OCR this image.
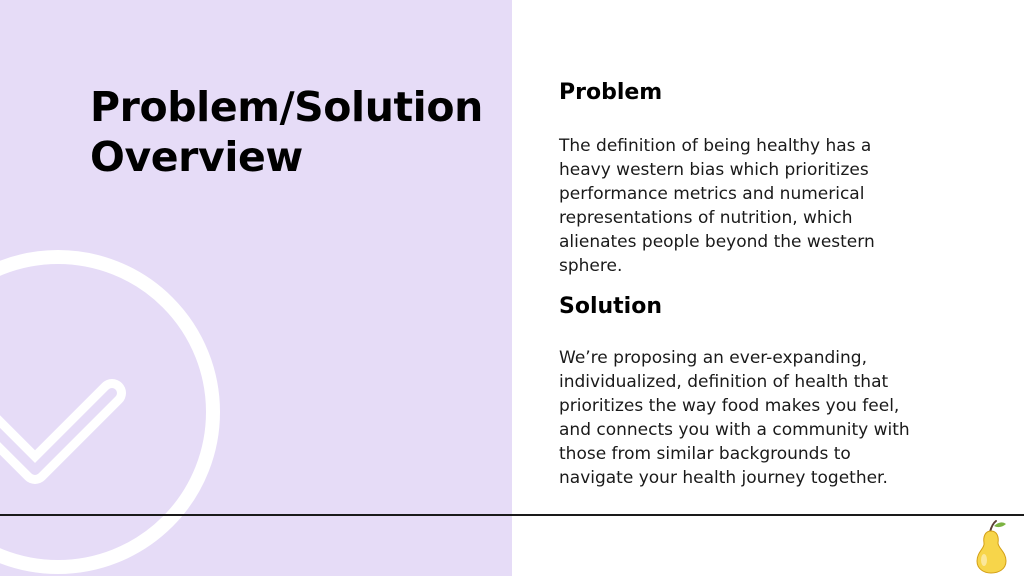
Problem/Solution
Overview
Problem

The definition of being healthy has a
heavy western bias which prioritizes
performance metrics and numerical
representations of nutrition, which
alienates people beyond the western
sphere.

Solution

We’re proposing an ever-expanding,
individualized, definition of health that
prioritizes the way food makes you feel,
and connects you with a community with
those from similar backgrounds to
navigate your health journey together.
